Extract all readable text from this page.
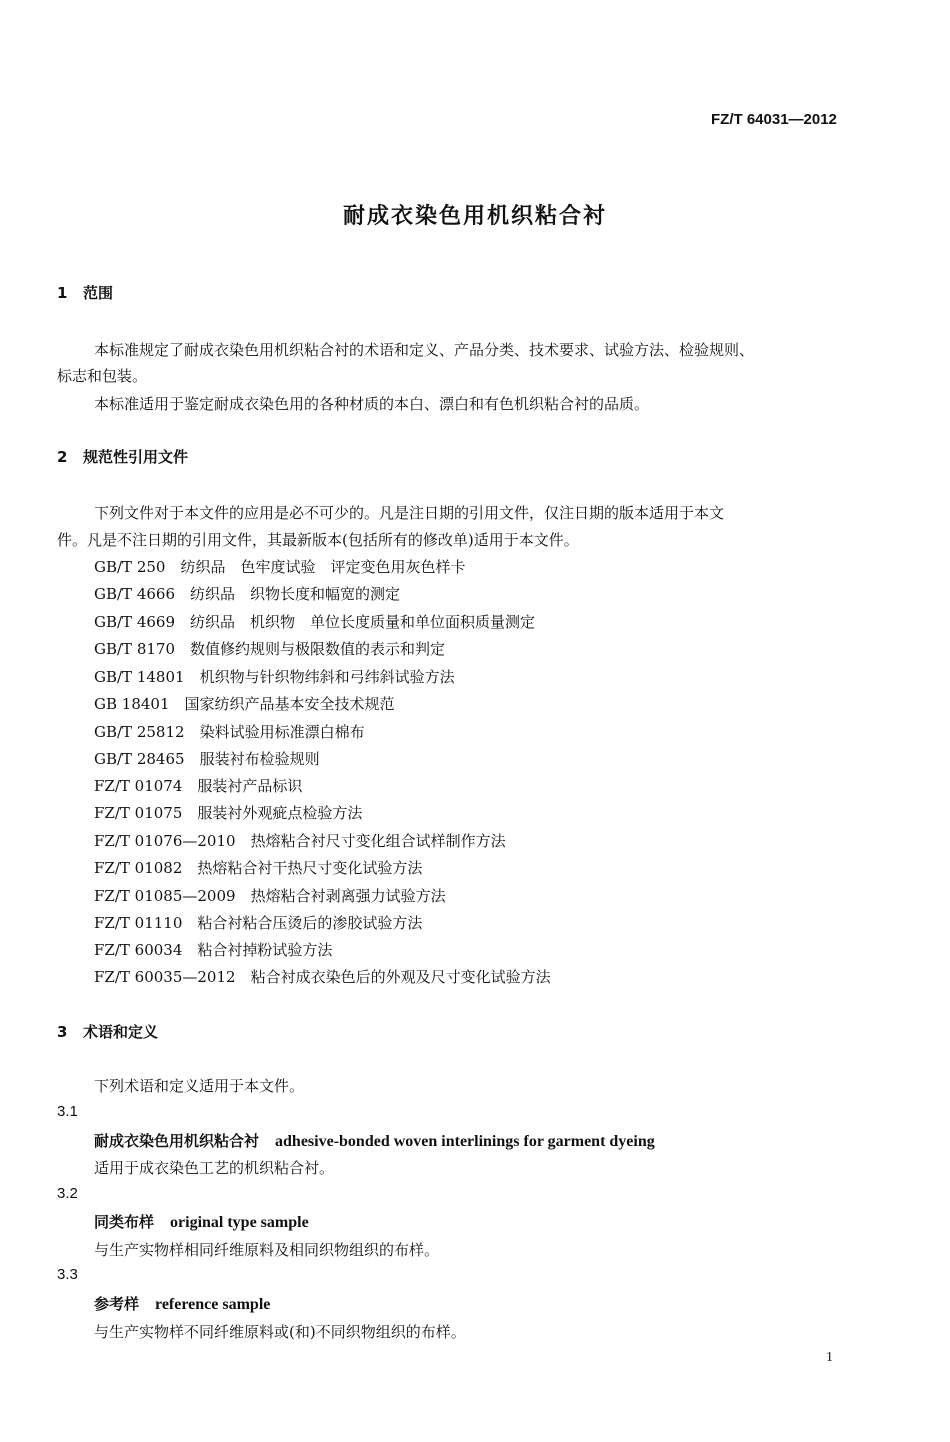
FZ/T 64031—2012
耐成衣染色用机织粘合衬
1 范围
本标准规定了耐成衣染色用机织粘合衬的术语和定义、产品分类、技术要求、试验方法、检验规则、
标志和包装。
本标准适用于鉴定耐成衣染色用的各种材质的本白、漂白和有色机织粘合衬的品质。
2 规范性引用文件
下列文件对于本文件的应用是必不可少的。凡是注日期的引用文件，仅注日期的版本适用于本文
件。凡是不注日期的引用文件，其最新版本(包括所有的修改单)适用于本文件。
GB/T 250　 纺织品　色牢度试验　评定变色用灰色样卡
GB/T 4666　 纺织品　织物长度和幅宽的测定
GB/T 4669　 纺织品　机织物　单位长度质量和单位面积质量测定
GB/T 8170　 数值修约规则与极限数值的表示和判定
GB/T 14801　 机织物与针织物纬斜和弓纬斜试验方法
GB 18401　 国家纺织产品基本安全技术规范
GB/T 25812　 染料试验用标准漂白棉布
GB/T 28465　 服装衬布检验规则
FZ/T 01074　 服装衬产品标识
FZ/T 01075　 服装衬外观疵点检验方法
FZ/T 01076—2010　 热熔粘合衬尺寸变化组合试样制作方法
FZ/T 01082　 热熔粘合衬干热尺寸变化试验方法
FZ/T 01085—2009　 热熔粘合衬剥离强力试验方法
FZ/T 01110　 粘合衬粘合压烫后的渗胶试验方法
FZ/T 60034　 粘合衬掉粉试验方法
FZ/T 60035—2012　 粘合衬成衣染色后的外观及尺寸变化试验方法
3 术语和定义
下列术语和定义适用于本文件。
3.1
耐成衣染色用机织粘合衬 adhesive-bonded woven interlinings for garment dyeing
适用于成衣染色工艺的机织粘合衬。
3.2
同类布样 original type sample
与生产实物样相同纤维原料及相同织物组织的布样。
3.3
参考样 reference sample
与生产实物样不同纤维原料或(和)不同织物组织的布样。
1
